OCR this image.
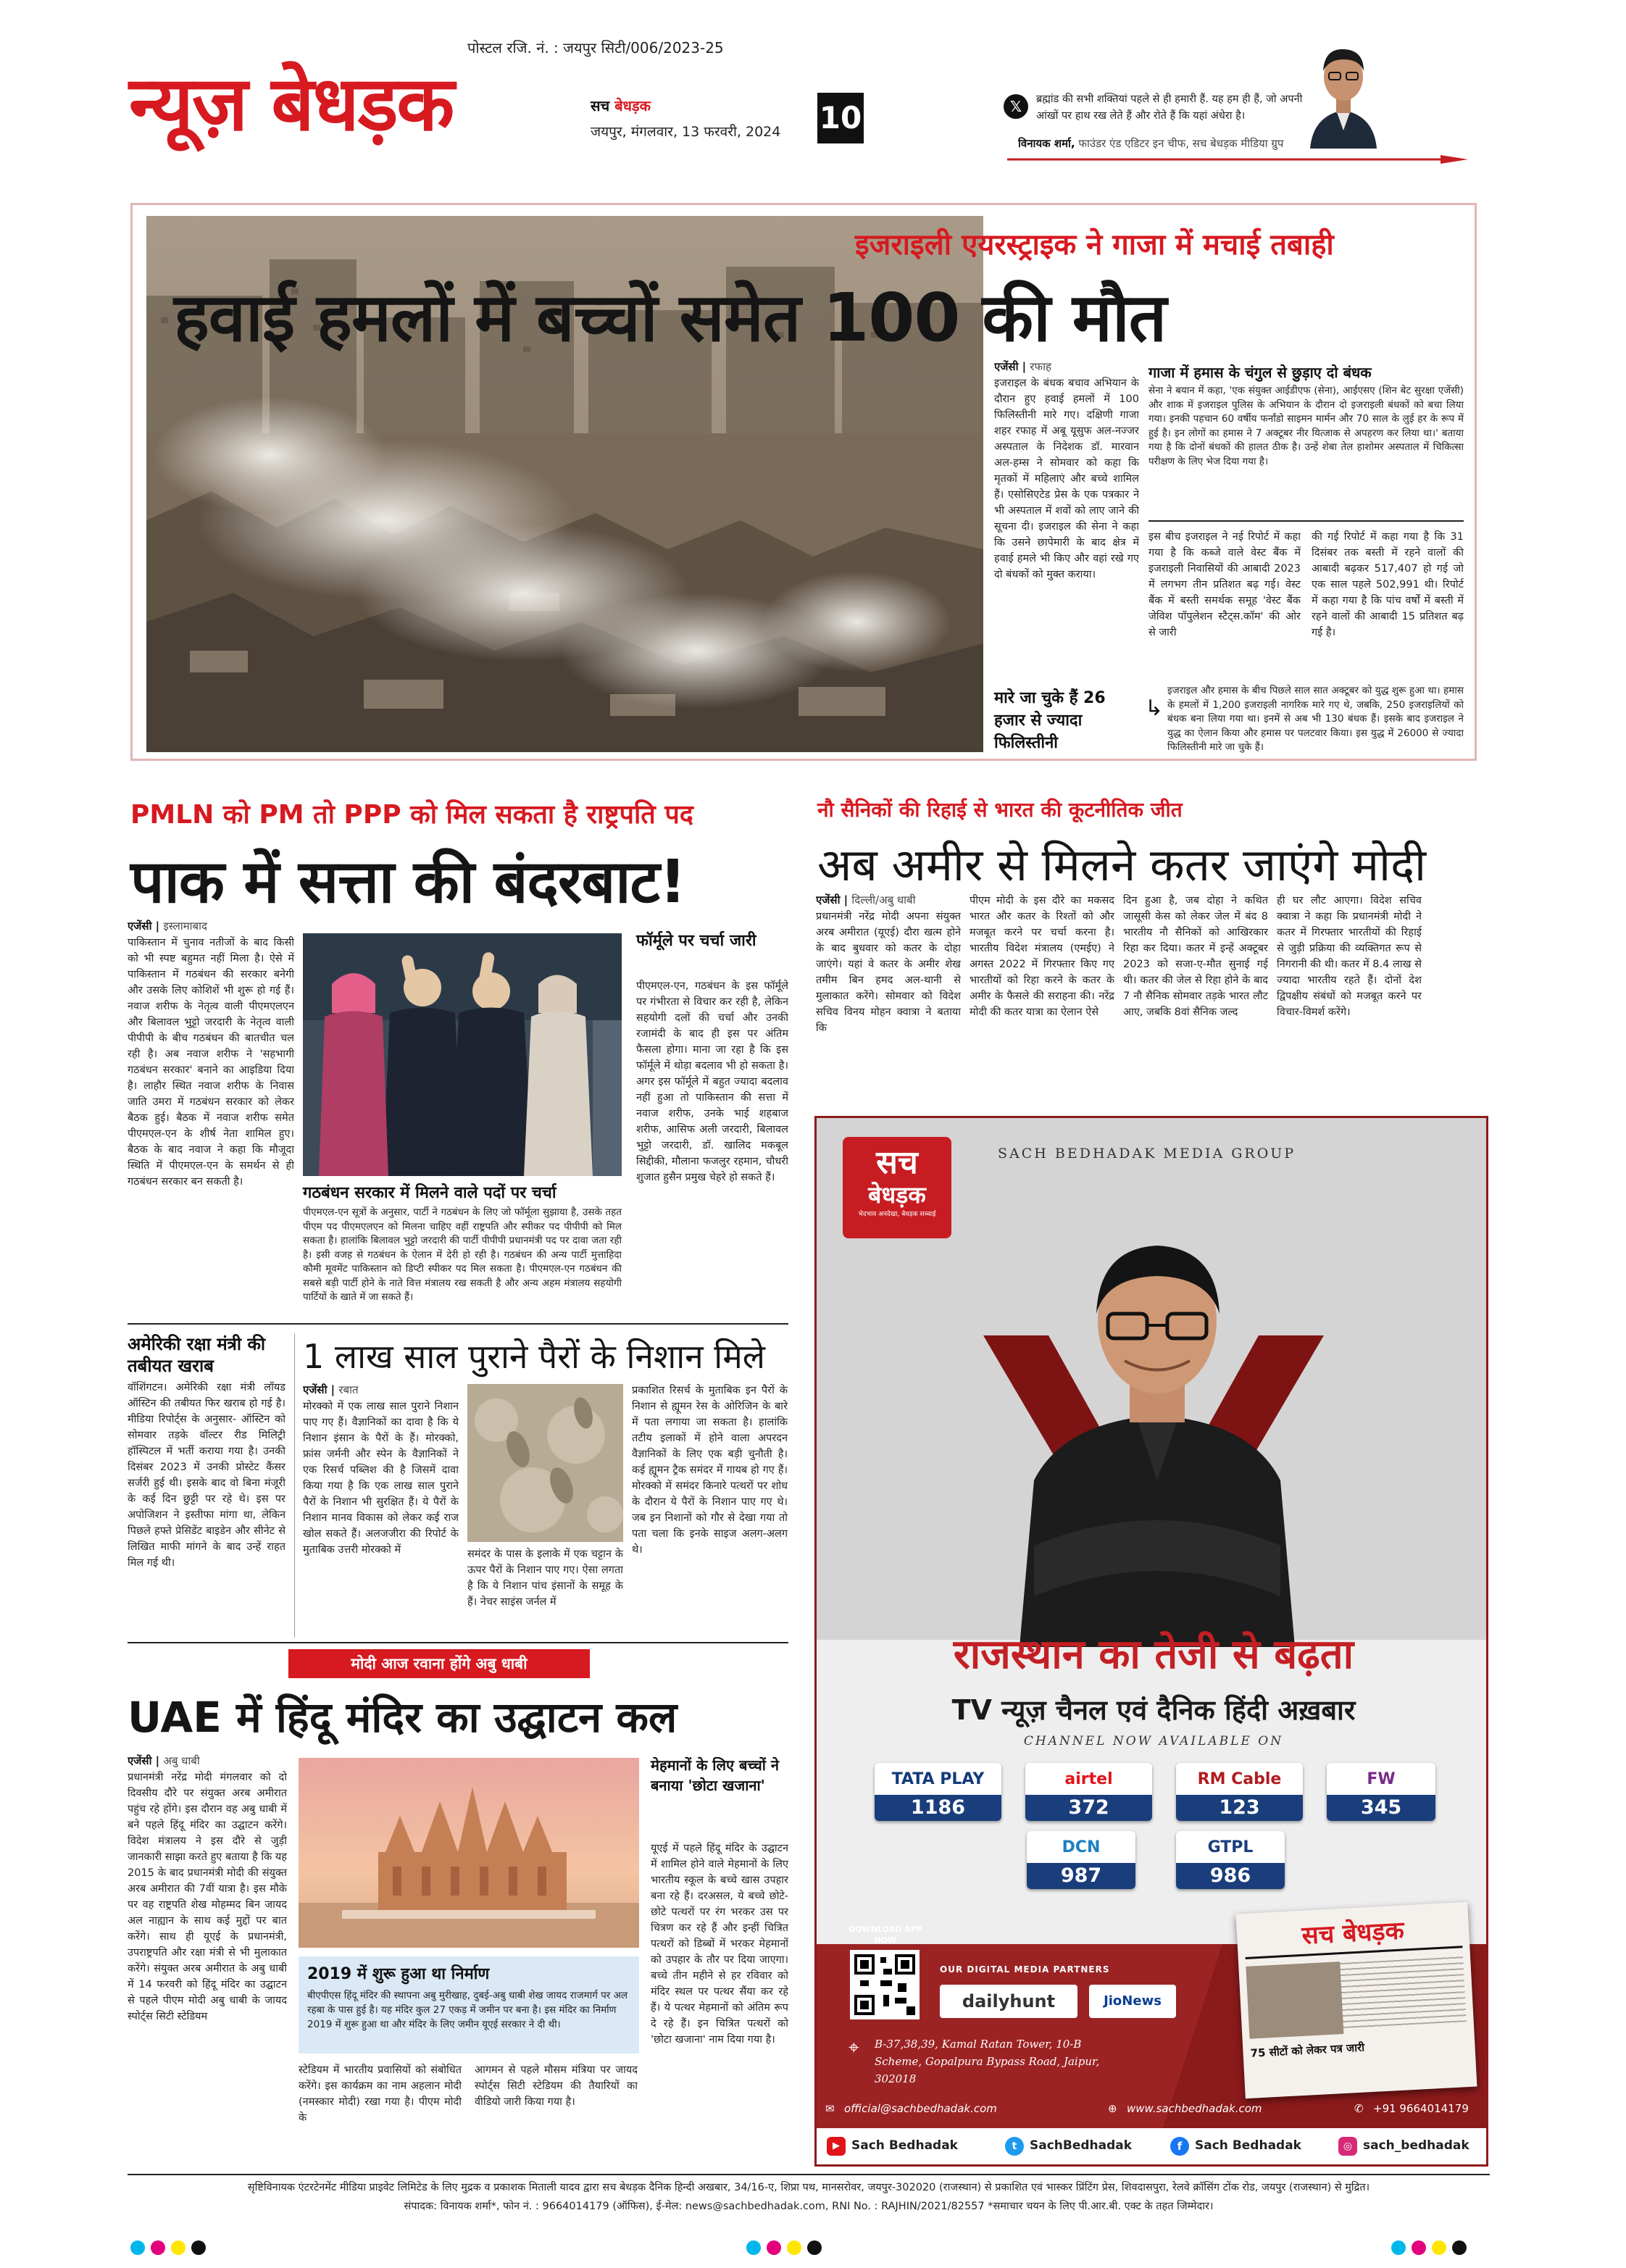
पोस्टल रजि. नं. : जयपुर सिटी/006/2023-25
न्यूज़ बेधड़क	सच बेधड़क
जयपुर, मंगलवार, 13 फरवरी, 2024 10	𝕏	ब्रह्मांड की सभी शक्तियां पहले से ही हमारी हैं. यह हम ही हैं, जो अपनी आंखों पर हाथ रख लेते हैं और रोते हैं कि यहां अंधेरा है।
विनायक शर्मा, फाउंडर एंड एडिटर इन चीफ, सच बेधड़क मीडिया ग्रुप
इजराइली एयरस्ट्राइक ने गाजा में मचाई तबाही
हवाई हमलों में बच्चों समेत 100 की मौत
एजेंसी | रफाह
इजराइल के बंधक बचाव अभियान के दौरान हुए हवाई हमलों में 100 फिलिस्तीनी मारे गए। दक्षिणी गाजा शहर रफाह में अबू यूसुफ अल-नज्जर अस्पताल के निदेशक डॉ. मारवान अल-हम्स ने सोमवार को कहा कि मृतकों में महिलाएं और बच्चे शामिल हैं। एसोसिएटेड प्रेस के एक पत्रकार ने भी अस्पताल में शवों को लाए जाने की सूचना दी। इजराइल की सेना ने कहा कि उसने छापेमारी के बाद क्षेत्र में हवाई हमले भी किए और वहां रखे गए दो बंधकों को मुक्त कराया।
मारे जा चुके हैं 26 हजार से ज्यादा फिलिस्तीनी
गाजा में हमास के चंगुल से छुड़ाए दो बंधक
सेना ने बयान में कहा, 'एक संयुक्त आईडीएफ (सेना), आईएसए (शिन बेट सुरक्षा एजेंसी) और शाक में इजराइल पुलिस के अभियान के दौरान दो इजराइली बंधकों को बचा लिया गया। इनकी पहचान 60 वर्षीय फर्नांडो साइमन मार्मन और 70 साल के लुई हर के रूप में हुई है। इन लोगों का हमास ने 7 अक्टूबर नीर यित्जाक से अपहरण कर लिया था।' बताया गया है कि दोनों बंधकों की हालत ठीक है। उन्हें शेबा तेल हाशोमर अस्पताल में चिकित्सा परीक्षण के लिए भेज दिया गया है।
इस बीच इजराइल ने नई रिपोर्ट में कहा गया है कि कब्जे वाले वेस्ट बैंक में इजराइली निवासियों की आबादी 2023 में लगभग तीन प्रतिशत बढ़ गई। वेस्ट बैंक में बस्ती समर्थक समूह 'वेस्ट बैंक जेविश पॉपुलेशन स्टैट्स.कॉम' की ओर से जारी
की गई रिपोर्ट में कहा गया है कि 31 दिसंबर तक बस्ती में रहने वालों की आबादी बढ़कर 517,407 हो गई जो एक साल पहले 502,991 थी। रिपोर्ट में कहा गया है कि पांच वर्षों में बस्ती में रहने वालों की आबादी 15 प्रतिशत बढ़ गई है।
↳
इजराइल और हमास के बीच पिछले साल सात अक्टूबर को युद्ध शुरू हुआ था। हमास के हमलों में 1,200 इजराइली नागरिक मारे गए थे, जबकि, 250 इजराइलियों को बंधक बना लिया गया था। इनमें से अब भी 130 बंधक हैं। इसके बाद इजराइल ने युद्ध का ऐलान किया और हमास पर पलटवार किया। इस युद्ध में 26000 से ज्यादा फिलिस्तीनी मारे जा चुके हैं।
PMLN को PM तो PPP को मिल सकता है राष्ट्रपति पद
पाक में सत्ता की बंदरबाट!
एजेंसी | इस्लामाबाद
पाकिस्तान में चुनाव नतीजों के बाद किसी को भी स्पष्ट बहुमत नहीं मिला है। ऐसे में पाकिस्तान में गठबंधन की सरकार बनेगी और उसके लिए कोशिशें भी शुरू हो गई हैं। नवाज शरीफ के नेतृत्व वाली पीएमएलएन और बिलावल भुट्टो जरदारी के नेतृत्व वाली पीपीपी के बीच गठबंधन की बातचीत चल रही है। अब नवाज शरीफ ने 'सहभागी गठबंधन सरकार' बनाने का आइडिया दिया है। लाहौर स्थित नवाज शरीफ के निवास जाति उमरा में गठबंधन सरकार को लेकर बैठक हुई। बैठक में नवाज शरीफ समेत पीएमएल-एन के शीर्ष नेता शामिल हुए। बैठक के बाद नवाज ने कहा कि मौजूदा स्थिति में पीएमएल-एन के समर्थन से ही गठबंधन सरकार बन सकती है।
गठबंधन सरकार में मिलने वाले पदों पर चर्चा
पीएमएल-एन सूत्रों के अनुसार, पार्टी ने गठबंधन के लिए जो फॉर्मूला सुझाया है, उसके तहत पीएम पद पीएमएलएन को मिलना चाहिए वहीं राष्ट्रपति और स्पीकर पद पीपीपी को मिल सकता है। हालांकि बिलावल भुट्टो जरदारी की पार्टी पीपीपी प्रधानमंत्री पद पर दावा जता रही है। इसी वजह से गठबंधन के ऐलान में देरी हो रही है। गठबंधन की अन्य पार्टी मुत्ताहिदा कौमी मूवमेंट पाकिस्तान को डिप्टी स्पीकर पद मिल सकता है। पीएमएल-एन गठबंधन की सबसे बड़ी पार्टी होने के नाते वित्त मंत्रालय रख सकती है और अन्य अहम मंत्रालय सहयोगी पार्टियों के खाते में जा सकते हैं।
फॉर्मूले पर चर्चा जारी
पीएमएल-एन, गठबंधन के इस फॉर्मूले पर गंभीरता से विचार कर रही है, लेकिन सहयोगी दलों की चर्चा और उनकी रजामंदी के बाद ही इस पर अंतिम फैसला होगा। माना जा रहा है कि इस फॉर्मूले में थोड़ा बदलाव भी हो सकता है। अगर इस फॉर्मूले में बहुत ज्यादा बदलाव नहीं हुआ तो पाकिस्तान की सत्ता में नवाज शरीफ, उनके भाई शहबाज शरीफ, आसिफ अली जरदारी, बिलावल भुट्टो जरदारी, डॉ. खालिद मकबूल सिद्दीकी, मौलाना फजलुर रहमान, चौधरी शुजात हुसैन प्रमुख चेहरे हो सकते हैं।
नौ सैनिकों की रिहाई से भारत की कूटनीतिक जीत
अब अमीर से मिलने कतर जाएंगे मोदी
एजेंसी | दिल्ली/अबु धाबी
प्रधानमंत्री नरेंद्र मोदी अपना संयुक्त अरब अमीरात (यूएई) दौरा खत्म होने के बाद बुधवार को कतर के दोहा जाएंगे। यहां वे कतर के अमीर शेख तमीम बिन हमद अल-थानी से मुलाकात करेंगे। सोमवार को विदेश सचिव विनय मोहन क्वात्रा ने बताया कि
पीएम मोदी के इस दौरे का मकसद भारत और कतर के रिश्तों को और मजबूत करने पर चर्चा करना है। भारतीय विदेश मंत्रालय (एमईए) ने अगस्त 2022 में गिरफ्तार किए गए भारतीयों को रिहा करने के कतर के अमीर के फैसले की सराहना की। नरेंद्र मोदी की कतर यात्रा का ऐलान ऐसे
दिन हुआ है, जब दोहा ने कथित जासूसी केस को लेकर जेल में बंद 8 भारतीय नौ सैनिकों को आखिरकार रिहा कर दिया। कतर में इन्हें अक्टूबर 2023 को सजा-ए-मौत सुनाई गई थी। कतर की जेल से रिहा होने के बाद 7 नौ सैनिक सोमवार तड़के भारत लौट आए, जबकि 8वां सैनिक जल्द
ही घर लौट आएगा। विदेश सचिव क्वात्रा ने कहा कि प्रधानमंत्री मोदी ने कतर में गिरफ्तार भारतीयों की रिहाई से जुड़ी प्रक्रिया की व्यक्तिगत रूप से निगरानी की थी। कतर में 8.4 लाख से ज्यादा भारतीय रहते हैं। दोनों देश द्विपक्षीय संबंधों को मजबूत करने पर विचार-विमर्श करेंगे।
अमेरिकी रक्षा मंत्री की तबीयत खराब
वॉशिंगटन। अमेरिकी रक्षा मंत्री लॉयड ऑस्टिन की तबीयत फिर खराब हो गई है। मीडिया रिपोर्ट्स के अनुसार- ऑस्टिन को सोमवार तड़के वॉल्टर रीड मिलिट्री हॉस्पिटल में भर्ती कराया गया है। उनकी दिसंबर 2023 में उनकी प्रोस्टेट कैंसर सर्जरी हुई थी। इसके बाद वो बिना मंजूरी के कई दिन छुट्टी पर रहे थे। इस पर अपोजिशन ने इस्तीफा मांगा था, लेकिन पिछले हफ्ते प्रेसिडेंट बाइडेन और सीनेट से लिखित माफी मांगने के बाद उन्हें राहत मिल गई थी।
1 लाख साल पुराने पैरों के निशान मिले
एजेंसी | रबात
मोरक्को में एक लाख साल पुराने निशान पाए गए हैं। वैज्ञानिकों का दावा है कि ये निशान इंसान के पैरों के हैं। मोरक्को, फ्रांस जर्मनी और स्पेन के वैज्ञानिकों ने एक रिसर्च पब्लिश की है जिसमें दावा किया गया है कि एक लाख साल पुराने पैरों के निशान भी सुरक्षित हैं। ये पैरों के निशान मानव विकास को लेकर कई राज खोल सकते हैं। अलजजीरा की रिपोर्ट के मुताबिक उत्तरी मोरक्को में	समंदर के पास के इलाके में एक चट्टान के ऊपर पैरों के निशान पाए गए। ऐसा लगता है कि ये निशान पांच इंसानों के समूह के हैं। नेचर साइंस जर्नल में
प्रकाशित रिसर्च के मुताबिक इन पैरों के निशान से ह्यूमन रेस के ओरिजिन के बारे में पता लगाया जा सकता है। हालांकि तटीय इलाकों में होने वाला अपरदन वैज्ञानिकों के लिए एक बड़ी चुनौती है। कई ह्यूमन ट्रैक समंदर में गायब हो गए हैं। मोरक्को में समंदर किनारे पत्थरों पर शोध के दौरान ये पैरों के निशान पाए गए थे। जब इन निशानों को गौर से देखा गया तो पता चला कि इनके साइज अलग-अलग थे।
मोदी आज रवाना होंगे अबु धाबी
UAE में हिंदू मंदिर का उद्घाटन कल
एजेंसी | अबु धाबी
प्रधानमंत्री नरेंद्र मोदी मंगलवार को दो दिवसीय दौरे पर संयुक्त अरब अमीरात पहुंच रहे होंगे। इस दौरान वह अबु धाबी में बने पहले हिंदू मंदिर का उद्घाटन करेंगे। विदेश मंत्रालय ने इस दौरे से जुड़ी जानकारी साझा करते हुए बताया है कि यह 2015 के बाद प्रधानमंत्री मोदी की संयुक्त अरब अमीरात की 7वीं यात्रा है। इस मौके पर वह राष्ट्रपति शेख मोहम्मद बिन जायद अल नाह्यान के साथ कई मुद्दों पर बात करेंगे। साथ ही यूएई के प्रधानमंत्री, उपराष्ट्रपति और रक्षा मंत्री से भी मुलाकात करेंगे। संयुक्त अरब अमीरात के अबु धाबी में 14 फरवरी को हिंदू मंदिर का उद्घाटन से पहले पीएम मोदी अबु धाबी के जायद स्पोर्ट्स सिटी स्टेडियम
2019 में शुरू हुआ था निर्माण
बीएपीएस हिंदू मंदिर की स्थापना अबु मुरीखाह, दुबई-अबु धाबी शेख जायद राजमार्ग पर अल रहबा के पास हुई है। यह मंदिर कुल 27 एकड़ में जमीन पर बना है। इस मंदिर का निर्माण 2019 में शुरू हुआ था और मंदिर के लिए जमीन यूएई सरकार ने दी थी।
स्टेडियम में भारतीय प्रवासियों को संबोधित करेंगे। इस कार्यक्रम का नाम अहलान मोदी (नमस्कार मोदी) रखा गया है। पीएम मोदी के
आगमन से पहले मौसम मंत्रिया पर जायद स्पोर्ट्स सिटी स्टेडियम की तैयारियों का वीडियो जारी किया गया है।
मेहमानों के लिए बच्चों ने बनाया 'छोटा खजाना'
यूएई में पहले हिंदू मंदिर के उद्घाटन में शामिल होने वाले मेहमानों के लिए भारतीय स्कूल के बच्चे खास उपहार बना रहे हैं। दरअसल, ये बच्चे छोटे-छोटे पत्थरों पर रंग भरकर उस पर चित्रण कर रहे हैं और इन्हीं चित्रित पत्थरों को डिब्बों में भरकर मेहमानों को उपहार के तौर पर दिया जाएगा। बच्चे तीन महीने से हर रविवार को मंदिर स्थल पर पत्थर सैंया कर रहे हैं। ये पत्थर मेहमानों को अंतिम रूप दे रहे हैं। इन चित्रित पत्थरों को 'छोटा खजाना' नाम दिया गया है।
SACH BEDHADAK MEDIA GROUP
सच
बेधड़क
भेदभाव अनदेखा, बेधड़क सच्चाई
राजस्थान का तेजी से बढ़ता
TV न्यूज़ चैनल एवं दैनिक हिंदी अख़बार
CHANNEL NOW AVAILABLE ON
TATA PLAY
1186
airtel
372
RM Cable
123
FW
345
DCN
987
GTPL
986
DOWNLOAD APP NOW
OUR DIGITAL MEDIA PARTNERS
dailyhunt	JioNews
⌖ B-37,38,39, Kamal Ratan Tower, 10-B Scheme, Gopalpura Bypass Road, Jaipur, 302018
✉ official@sachbedhadak.com	⊕ www.sachbedhadak.com	✆ +91 9664014179
▶ Sach Bedhadak	t	SachBedhadak	f	Sach Bedhadak	◎ sach_bedhadak
सच बेधड़क
75 सीटों को लेकर पत्र जारी
सृष्टिविनायक एंटरटेनमेंट मीडिया प्राइवेट लिमिटेड के लिए मुद्रक व प्रकाशक मिताली यादव द्वारा सच बेधड़क दैनिक हिन्दी अखबार, 34/16-ए, शिप्रा पथ, मानसरोवर, जयपुर-302020 (राजस्थान) से प्रकाशित एवं भास्कर प्रिंटिंग प्रेस, शिवदासपुरा, रेलवे क्रॉसिंग टोंक रोड, जयपुर (राजस्थान) से मुद्रित।
संपादक: विनायक शर्मा*, फोन नं. : 9664014179 (ऑफिस), ई-मेल: news@sachbedhadak.com, RNI No. : RAJHIN/2021/82557 *समाचार चयन के लिए पी.आर.बी. एक्ट के तहत जिम्मेदार।
